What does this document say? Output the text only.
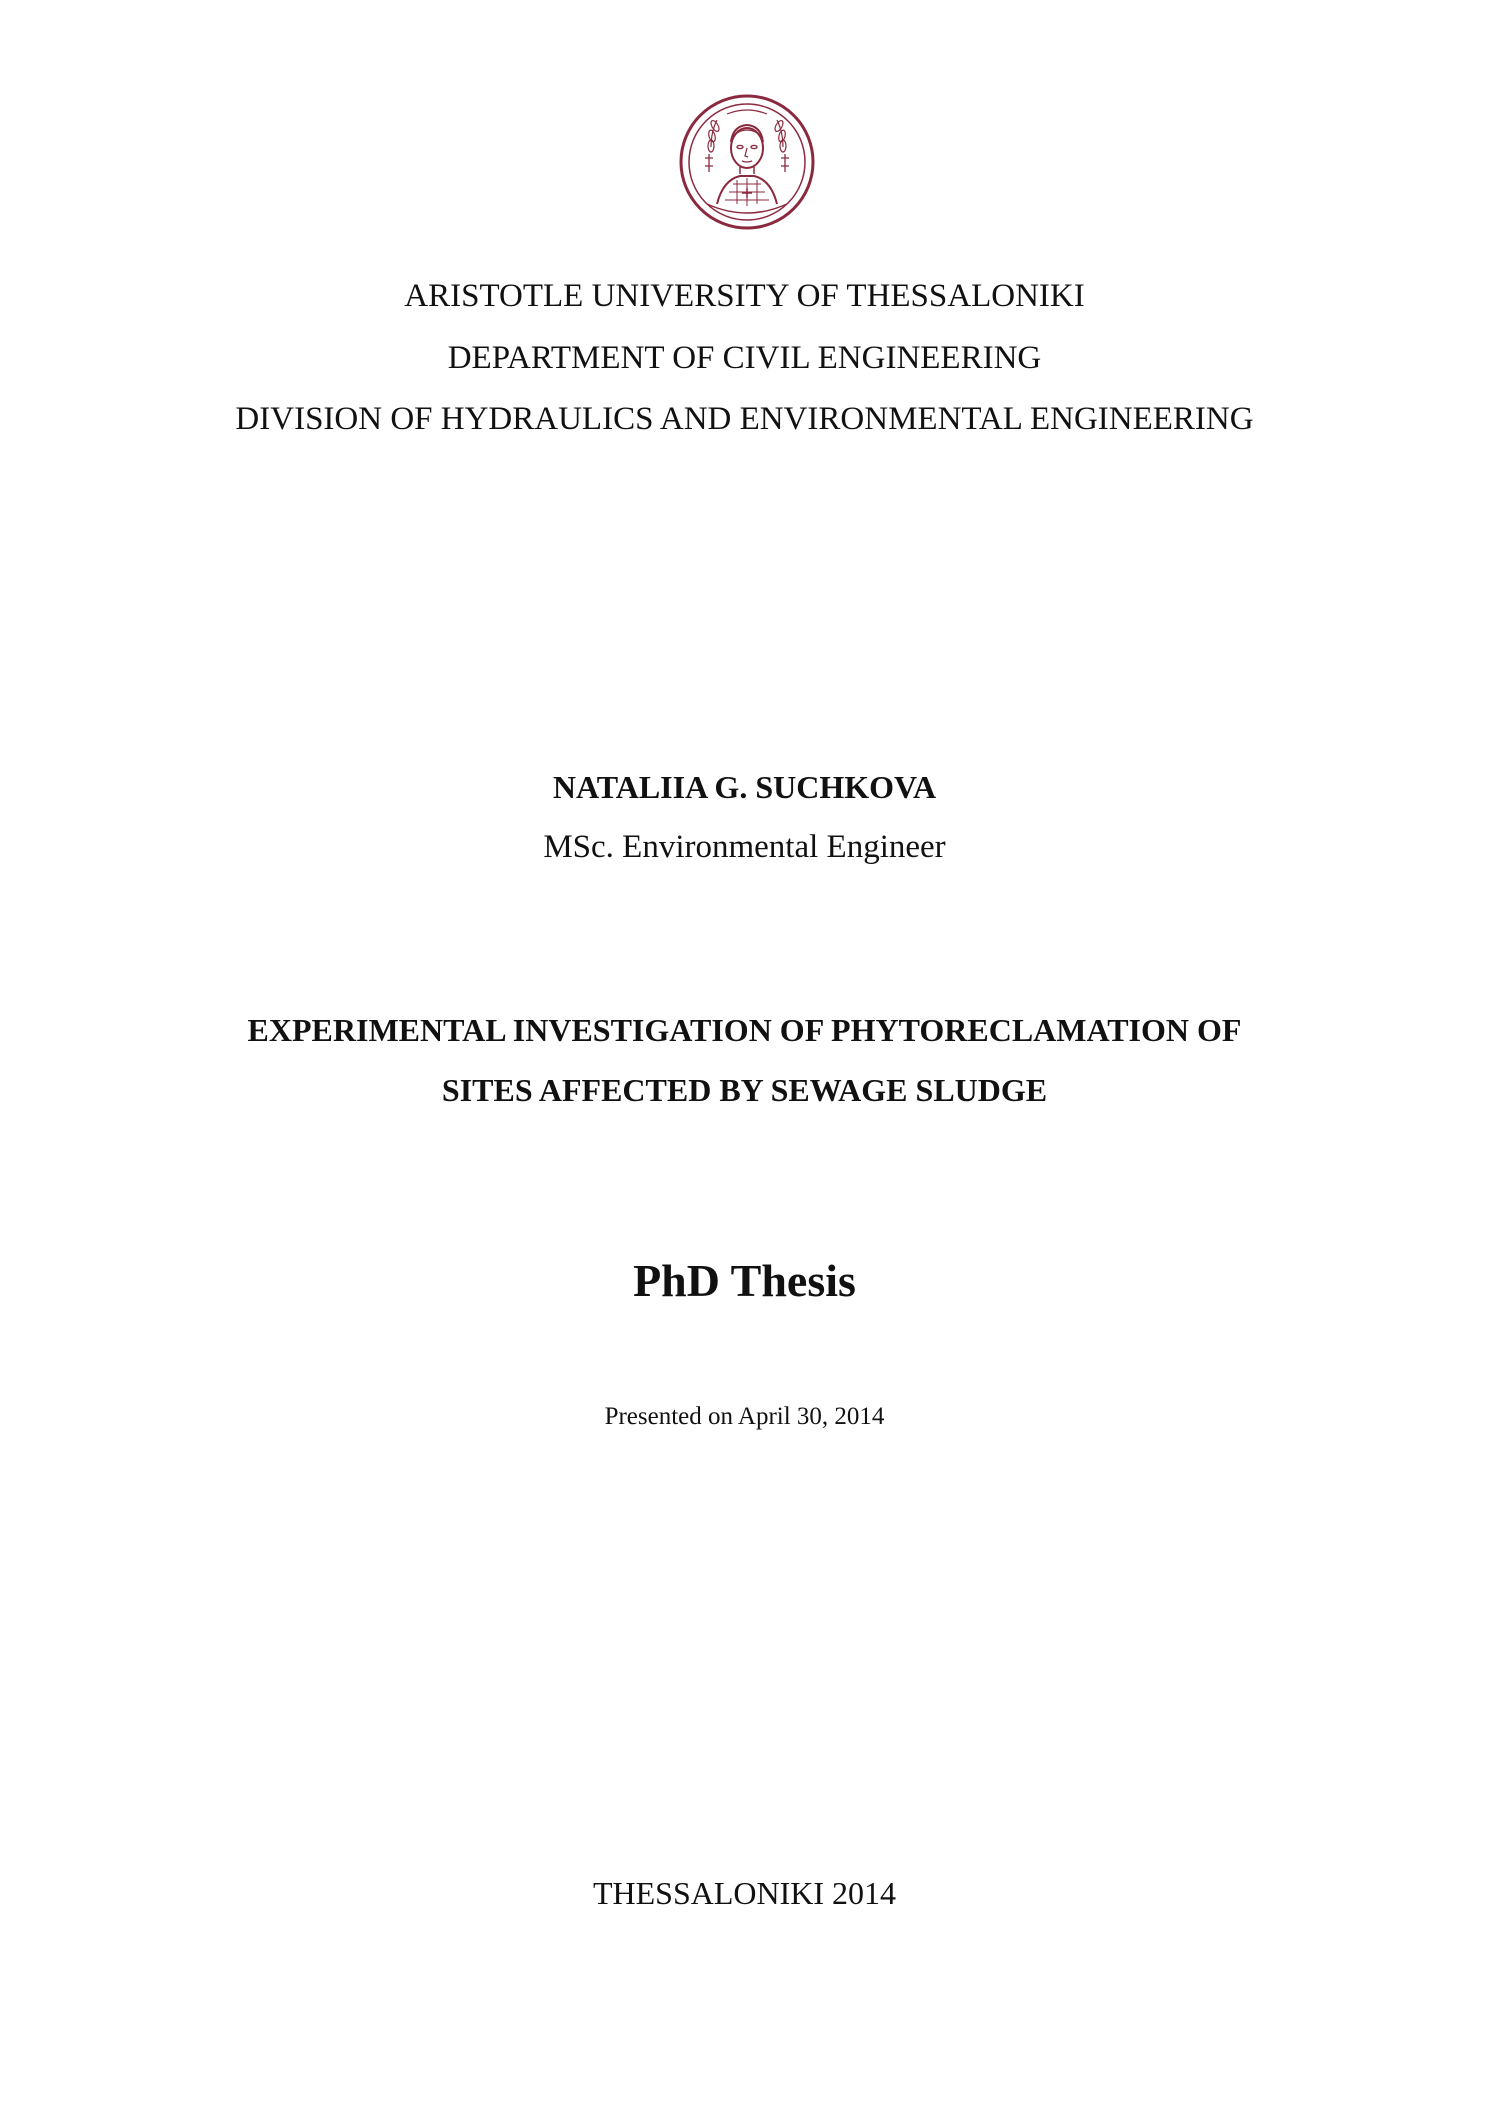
ARISTOTLE UNIVERSITY OF THESSALONIKI
DEPARTMENT OF CIVIL ENGINEERING
DIVISION OF HYDRAULICS AND ENVIRONMENTAL ENGINEERING
NATALIIA G. SUCHKOVA
MSc. Environmental Engineer
EXPERIMENTAL INVESTIGATION OF PHYTORECLAMATION OF
SITES AFFECTED BY SEWAGE SLUDGE
PhD Thesis
Presented on April 30, 2014
THESSALONIKI 2014
